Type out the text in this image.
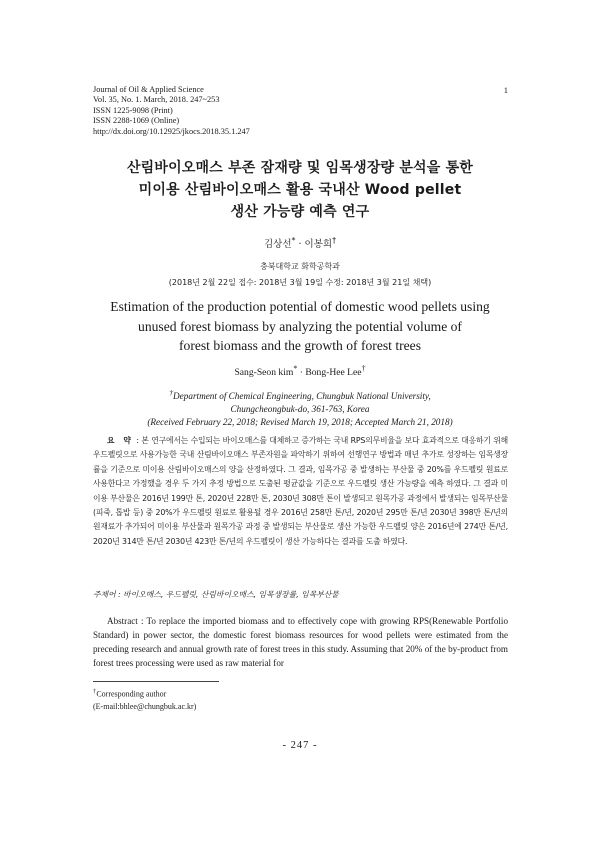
Journal of Oil & Applied Science
Vol. 35, No. 1. March, 2018. 247~253
ISSN 1225-9098 (Print)
ISSN 2288-1069 (Online)
http://dx.doi.org/10.12925/jkocs.2018.35.1.247
1
산림바이오매스 부존 잠재량 및 임목생장량 분석을 통한
미이용 산림바이오매스 활용 국내산 Wood pellet
생산 가능량 예측 연구
김상선* · 이봉희†
충북대학교 화학공학과
(2018년 2월 22일 접수: 2018년 3월 19일 수정: 2018년 3월 21일 채택)
Estimation of the production potential of domestic wood pellets using
unused forest biomass by analyzing the potential volume of
forest biomass and the growth of forest trees
Sang-Seon kim* · Bong-Hee Lee†
†Department of Chemical Engineering, Chungbuk National University,
Chungcheongbuk-do, 361-763, Korea
(Received February 22, 2018; Revised March 19, 2018; Accepted March 21, 2018)
요 약 : 본 연구에서는 수입되는 바이오매스를 대체하고 증가하는 국내 RPS의무비율을 보다 효과적으로 대응하기 위해 우드펠릿으로 사용가능한 국내 산림바이오매스 부존자원을 파악하기 위하여 선행연구 방법과 매년 추가로 성장하는 임목생장률을 기준으로 미이용 산림바이오매스의 양을 산정하였다. 그 결과, 임목가공 중 발생하는 부산물 중 20%를 우드펠릿 원료로 사용한다고 가정했을 경우 두 가지 추정 방법으로 도출된 평균값을 기준으로 우드펠릿 생산 가능량을 예측 하였다. 그 결과 미이용 부산물은 2016년 199만 톤, 2020년 228만 톤, 2030년 308만 톤이 발생되고 원목가공 과정에서 발생되는 임목부산물(피죽, 톱밥 등) 중 20%가 우드펠릿 원료로 활용될 경우 2016년 258만 톤/년, 2020년 295만 톤/년 2030년 398만 톤/년의 원재료가 추가되어 미이용 부산물과 원목가공 과정 중 발생되는 부산물로 생산 가능한 우드펠릿 양은 2016년에 274만 톤/년, 2020년 314만 톤/년 2030년 423만 톤/년의 우드펠릿이 생산 가능하다는 결과를 도출 하였다.
주제어 : 바이오매스, 우드펠릿, 산림바이오매스, 임목생장률, 임목부산물
Abstract : To replace the imported biomass and to effectively cope with growing RPS(Renewable Portfolio Standard) in power sector, the domestic forest biomass resources for wood pellets were estimated from the preceding research and annual growth rate of forest trees in this study. Assuming that 20% of the by-product from forest trees processing were used as raw material for
†Corresponding author
(E-mail:bhlee@chungbuk.ac.kr)
- 247 -
